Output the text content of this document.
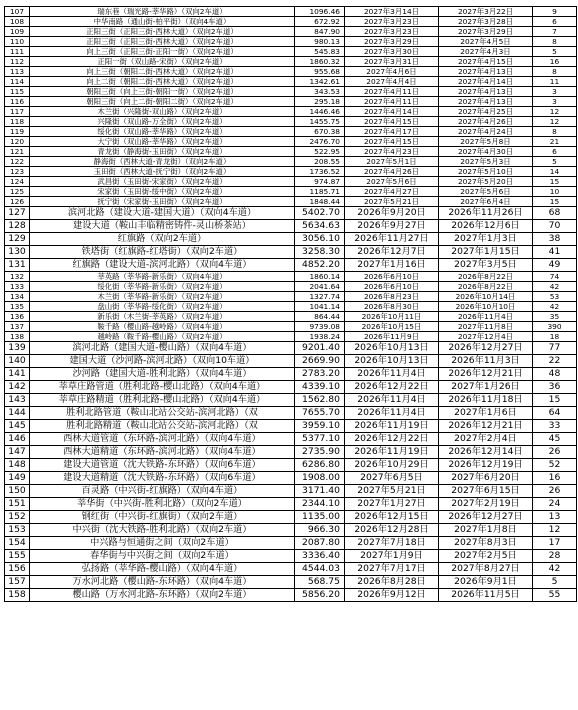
107	瑞东巷（瑞光路-莘华路）（双向2车道）	1096.46	2027年3月14日	2027年3月22日	9
108	中华南路（通山街-柏平街）（双向4车道）	672.92	2027年3月23日	2027年3月28日	6
109	正阳三街（正阳三街-西林大道）（双向2车道）	847.90	2027年3月23日	2027年3月29日	7
110	正阳三街（正阳三街-西林大道）（双向2车道）	980.13	2027年3月29日	2027年4月5日	8
111	向上三街（正阳三街-正阳一街）（双向2车道）	545.83	2027年3月30日	2027年4月3日	5
112	正阳一街（双山路-宋街）（双向2车道）	1860.32	2027年3月31日	2027年4月15日	16
113	向上三街（朝阳二街-西林大道）（双向2车道）	955.68	2027年4月6日	2027年4月13日	8
114	向上二街（朝阳二街-西林大道）（双向2车道）	1342.61	2027年4月4日	2027年4月14日	11
115	朝阳三街（向上三街-朝阳一街）（双向2车道）	343.53	2027年4月11日	2027年4月13日	3
116	朝阳三街（向上二街-朝阳二街）（双向2车道）	295.18	2027年4月11日	2027年4月13日	3
117	木兰街（兴隆街-双山路）（双向2车道）	1446.46	2027年4月14日	2027年4月25日	12
118	兴隆街（双山路-万全街）（双向2车道）	1455.75	2027年4月15日	2027年4月26日	12
119	绥化街（双山路-莘华路）（双向2车道）	670.38	2027年4月17日	2027年4月24日	8
120	大宁街（双山路-莘华路）（双向2车道）	2476.70	2027年4月15日	2027年5月8日	21
121	青龙街（静海街-玉田街）（双向2车道）	522.95	2027年4月23日	2027年4月30日	6
122	静海街（西林大道-青龙街）（双向2车道）	208.55	2027年5月1日	2027年5月3日	5
123	玉田街（西林大道-抚宁街）（双向2车道）	1736.52	2027年4月26日	2027年5月10日	14
124	武昌街（玉田街-宋家街）（双向2车道）	974.87	2027年5月6日	2027年5月20日	15
125	宋家街（玉田街-绥中街）（双向2车道）	1185.71	2027年4月27日	2027年5月6日	10
126	抚宁街（宋家街-玉田街）（双向2车道）	1848.44	2027年5月21日	2027年6月4日	15
127	滨河北路（建设大道-建国大道）（双向4车道）	5402.70	2026年9月20日	2026年11月26日	68
128	建设大道（鞍山丰临精密铸件-灵山桥茶站）	5634.63	2026年9月27日	2026年12月6日	70
129	红旗路（双向2车道）	3056.10	2026年11月27日	2027年1月3日	38
130	铁塔街（红旗路-红塔街）（双向2车道）	3258.30	2026年12月7日	2027年1月15日	41
131	红旗路（建设大道-滨河北路）（双向4车道）	4852.20	2027年1月16日	2027年3月5日	49
132	莘英路（莘华路-新乐街）（双向4车道）	1860.14	2026年6月10日	2026年8月22日	74
133	绥化街（莘华路-新乐街）（双向2车道）	2041.64	2026年6月10日	2026年8月22日	42
134	木兰街（莘华路-新乐街）（双向2车道）	1327.74	2026年8月23日	2026年10月14日	53
135	盘山街（莘华路-绥化街）（双向2车道）	1041.14	2026年8月30日	2026年10月10日	42
136	新乐街（木兰街-莘英路）（双向2车道）	864.44	2026年10月11日	2026年11月4日	35
137	鞍千路（樱山路-越岭路）（双向4车道）	9739.08	2026年10月15日	2027年11月8日	390
138	越岭路（鞍千路-樱山路）（双向2车道）	1938.24	2026年11月9日	2027年12月4日	18
139	滨河北路（建国大道-樱山路）（双向4车道）	9201.40	2026年10月13日	2026年12月27日	77
140	建国大道（沙河路-滨河北路）（双向10车道）	2669.90	2026年10月13日	2026年11月3日	22
141	沙河路（建国大道-胜利北路）（双向4车道）	2783.20	2026年11月4日	2026年12月21日	48
142	莘草庄路管道（胜利北路-樱山北路）（双向4车道）	4339.10	2026年12月22日	2027年1月26日	36
143	莘草庄路精道（胜利北路-樱山北路）（双向4车道）	1562.80	2026年11月4日	2026年11月18日	15
144	胜利北路管道（鞍山北站公交站-滨河北路）（双	7655.70	2026年11月4日	2027年1月6日	64
145	胜利北路精道（鞍山北站公交站-滨河北路）（双	3959.10	2026年11月19日	2026年12月21日	33
146	西林大道管道（东环路-滨河北路）（双向4车道）	5377.10	2026年12月22日	2027年2月4日	45
147	西林大道精道（东环路-滨河北路）（双向4车道）	2735.90	2026年11月19日	2026年12月14日	26
148	建设大道管道（沈大铁路-东环路）（双向6车道）	6286.80	2026年10月29日	2026年12月19日	52
149	建设大道精道（沈大铁路-东环路）（双向6车道）	1908.00	2027年6月5日	2027年6月20日	16
150	百灵路（中兴街-红旗路）（双向4车道）	3171.40	2027年5月21日	2027年6月15日	26
151	莘华街（中兴街-胜利北路）（双向2车道）	2344.10	2027年1月27日	2027年2月19日	24
152	钢红街（中兴街-红旗街）（双向2车道）	1135.00	2026年12月15日	2026年12月27日	13
153	中兴街（沈大铁路-胜利北路）（双向2车道）	966.30	2026年12月28日	2027年1月8日	12
154	中兴路与恒通街之间（双向2车道）	2087.80	2027年7月18日	2027年8月3日	17
155	春华街与中兴街之间（双向2车道）	3336.40	2027年1月9日	2027年2月5日	28
156	弘扬路（莘华路-樱山路）（双向4车道）	4544.03	2027年7月17日	2027年8月27日	42
157	万水河北路（樱山路-东环路）（双向4车道）	568.75	2026年8月28日	2026年9月1日	5
158	樱山路（万水河北路-东环路）（双向2车道）	5856.20	2026年9月12日	2026年11月5日	55
